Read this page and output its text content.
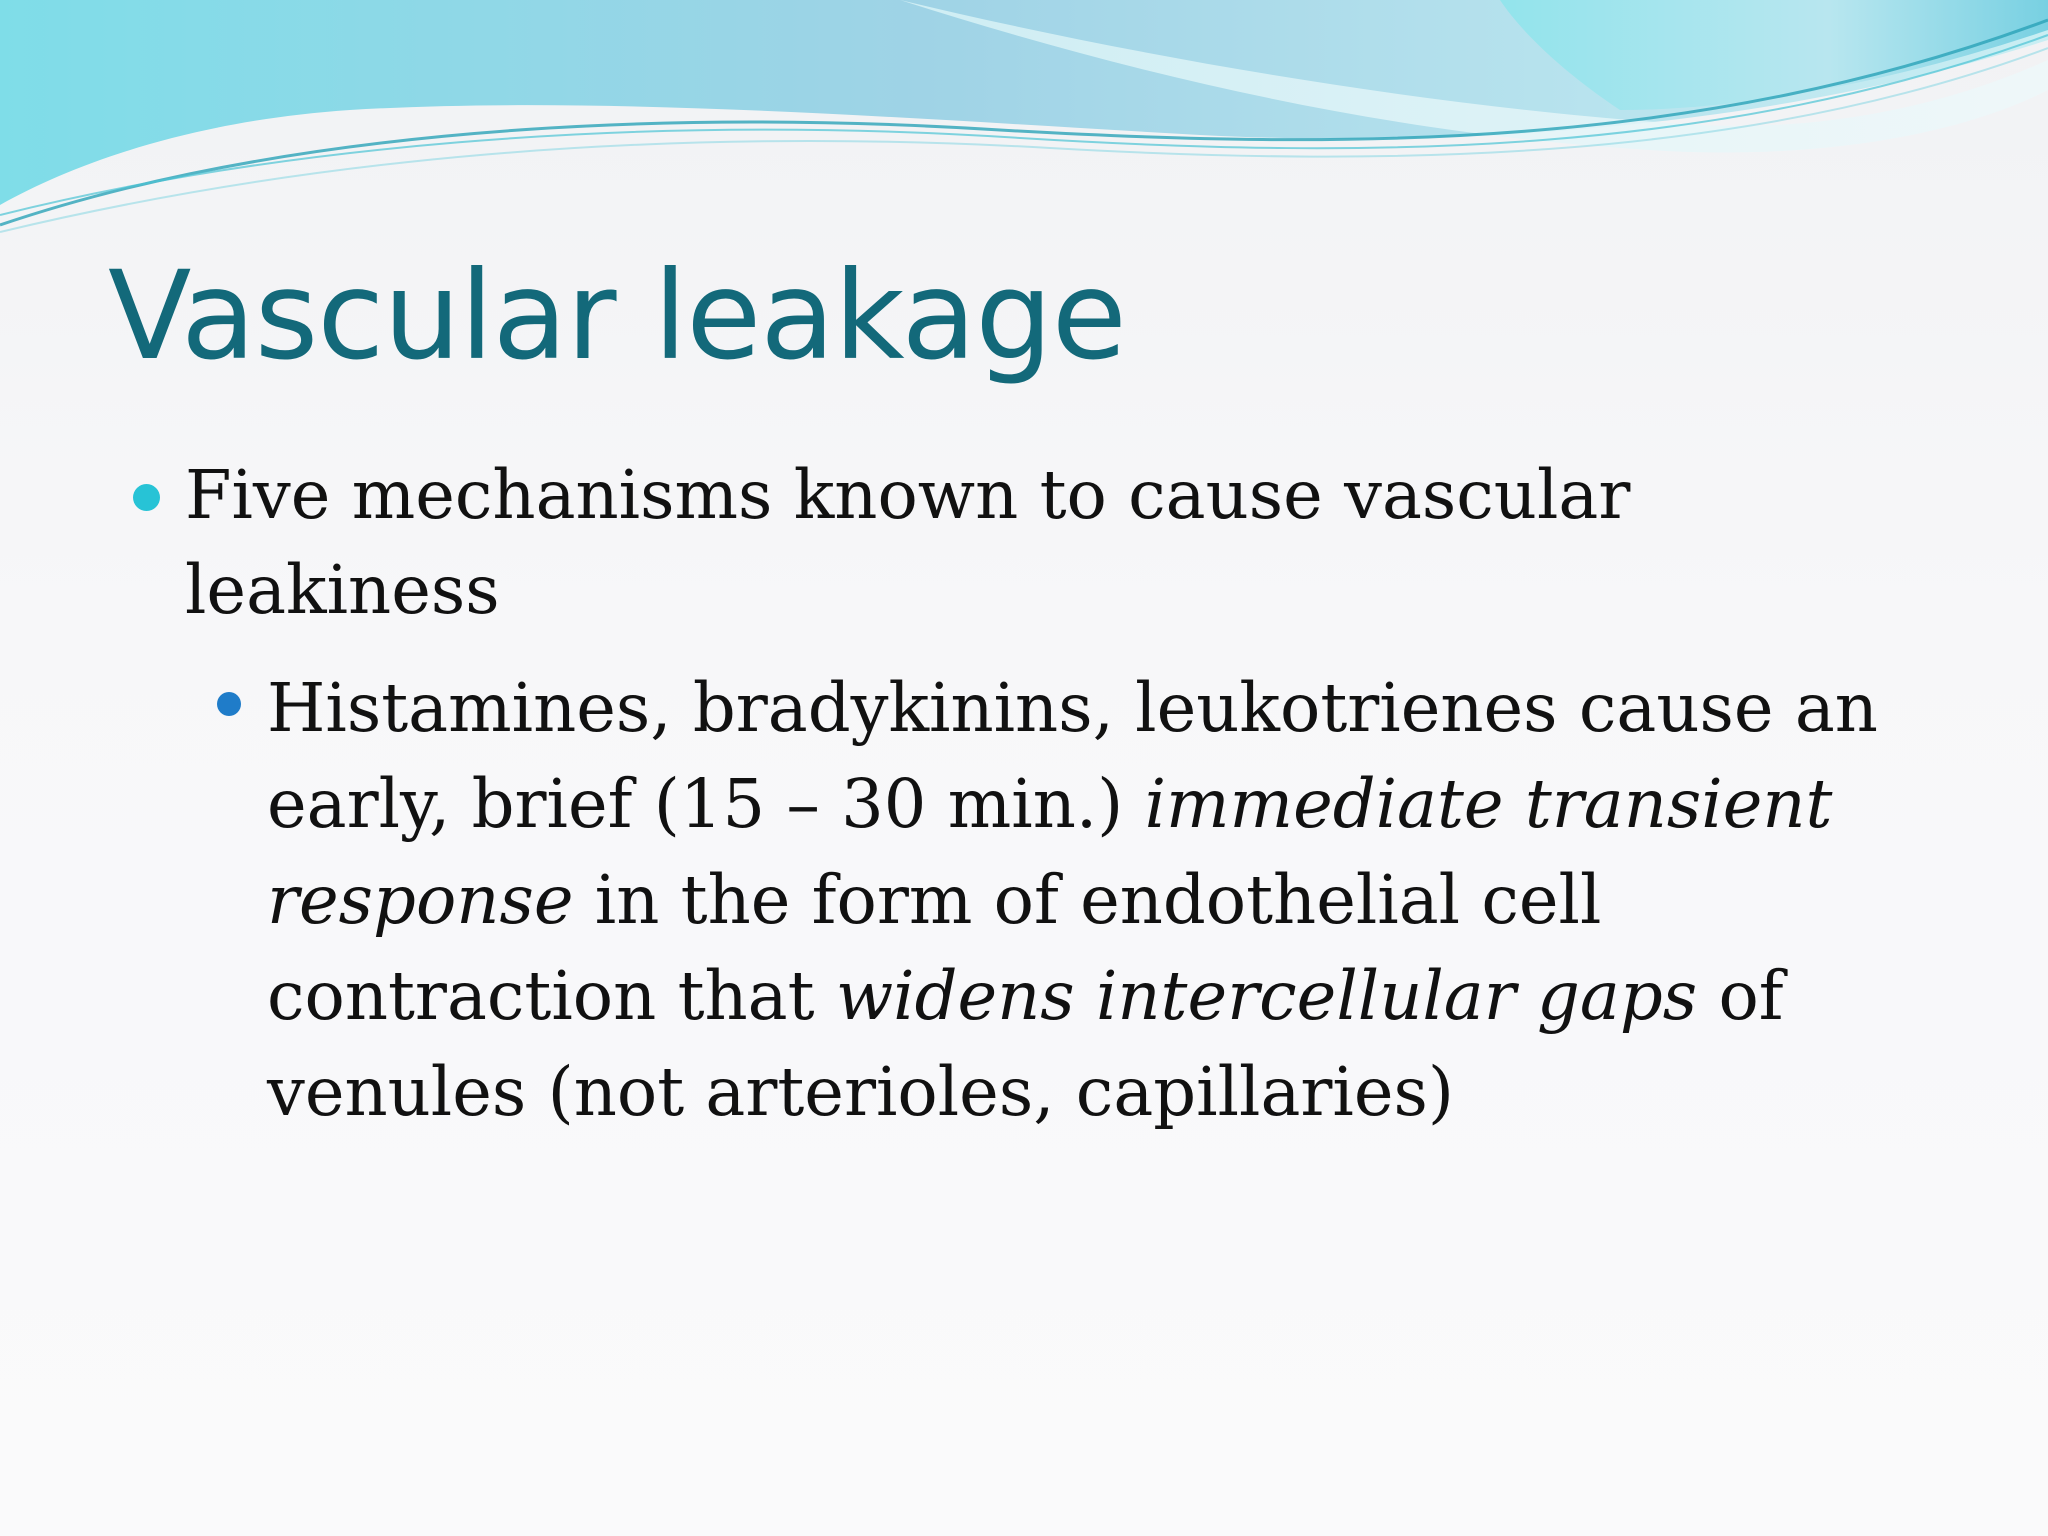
Vascular leakage

Five mechanisms known to cause vascular leakiness

Histamines, bradykinins, leukotrienes cause an early, brief (15 – 30 min.) immediate transient response in the form of endothelial cell contraction that widens intercellular gaps of venules (not arterioles, capillaries)
